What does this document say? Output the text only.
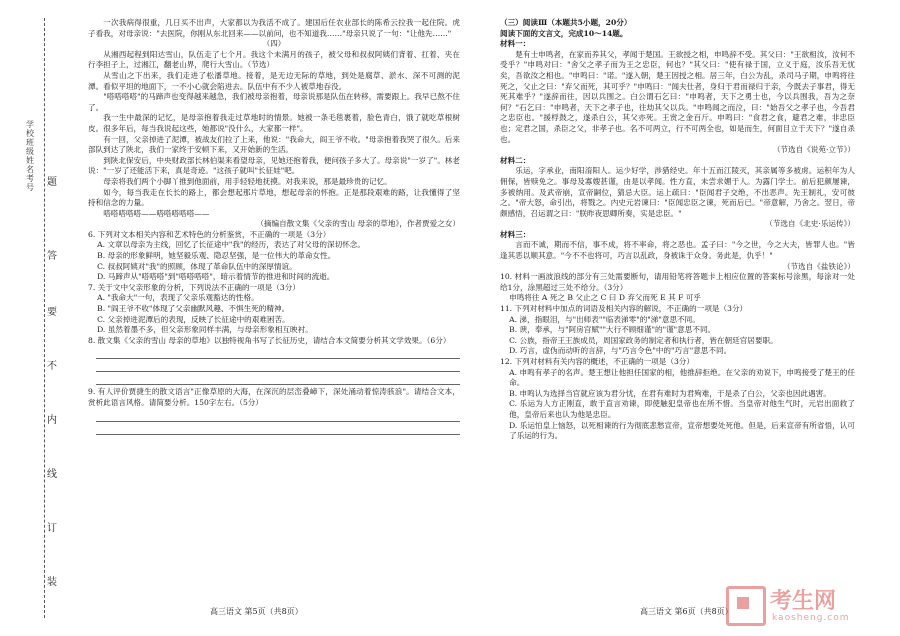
题
答
要
不
内
线
订
装
学校班级姓名考号

一次我病得很重，几日买不出声，大家都以为我活不成了。建国后任农业部长的陈希云拉我一起住院。虎子看我，对母亲说："去医院，你刚从东北回来——以前问，也不知道我……"母亲只说了一句："让他先……"

（四）

从湘西起程到阳达雪山，队伍走了七个月。我这个未满月的孩子，被父母和叔叔阿姨们背着、扛着、夹在行李担子上，过湘江，翻老山界，爬行大雪山。（节选）

从雪山之下出来，我们走进了松潘草地。接着，是无边无际的草地，到处是腐草、淤水、深不可测的泥潭。看似平坦的地面下，一不小心就会陷进去。队伍中有不少人被草地吞没。

"嗒嗒嗒嗒"的马蹄声也变得越来越急，我们被母亲抱着，母亲说那是队伍在转移，需要跟上。我早已熬不住了。

我一生中最深的记忆，是母亲抱着我走过草地时的情景。她被一条毛毯裹着，脸色青白，饿了就吃草根树皮。很多年后，每当我说起这些，她都说"没什么，大家都一样"。

有一回，父亲掉进了泥潭，被战友们拉了上来，他说："我命大，阎王爷不收。"母亲抱着我哭了很久。后来部队到达了陕北，我们一家终于安顿下来，又开始新的生活。

到陕北保安后，中央财政部长林伯渠来看望母亲，见她还抱着我，便问孩子多大了。母亲说"一岁了"。林老说："一岁了还能活下来，真是奇迹。"这孩子就叫"长征娃"吧。

母亲将我们两个小脚丫推到他面前，用手轻轻地抚摸。对我来说，那是最珍贵的记忆。

如今，每当我走在长长的路上，都会想起那片草地，想起母亲的怀抱。正是那段艰难的路，让我懂得了坚持和信念的力量。

嗒嗒嗒嗒嗒——嗒嗒嗒嗒嗒——

（摘编自散文集《父亲的雪山 母亲的草地》，作者贾爱之女）

6. 下列对文本相关内容和艺术特色的分析鉴赏，不正确的一项是（3分）

A. 文章以母亲为主线，回忆了长征途中"我"的经历，表达了对父母的深切怀念。

B. 母亲的形象鲜明，她坚毅乐观、隐忍坚强，是一位伟大的革命女性。

C. 叔叔阿姨对"我"的照顾，体现了革命队伍中的深厚情谊。

D. 马蹄声从"嗒嗒嗒"到"嗒嗒嗒嗒"，暗示着情节的推进和时间的流逝。

7. 关于文中父亲形象的分析，下列说法不正确的一项是（3分）

A. "我命大"一句，表现了父亲乐观豁达的性格。

B. "阎王爷不收"体现了父亲幽默风趣、不惧生死的精神。

C. 父亲掉进泥潭后的表现，反映了长征途中的艰难困苦。

D. 虽然着墨不多，但父亲形象同样丰满，与母亲形象相互映衬。

8. 散文集《父亲的雪山 母亲的草地》以独特视角书写了长征历史，请结合本文简要分析其文学效果。（6分）

9. 有人评价贾捷生的散文语言"正像草原的大海，在深沉的层峦叠嶂下，深处涌动着惊涛骇浪"。请结合文本，赏析此语言风格。请简要分析。150字左右。（5分）

高三语文 第5页（共8页）

（三）阅读Ⅲ（本题共5小题，20分）

阅读下面的文言文，完成10～14题。

材料一：

楚有士申鸣者，在家而养其父，孝闻于楚国。王欲授之相，申鸣辞不受。其父曰："王欲相汝，汝何不受乎？"申鸣对曰："舍父之孝子而为王之忠臣，何也？"其父曰："使有禄于国，立义于庭，汝乐吾无忧矣，吾欲汝之相也。"申鸣曰："诺。"遂入朝，楚王因授之相。居三年，白公为乱，杀司马子期，申鸣将往死之，父止之曰："弃父而死，其可乎？"申鸣曰："闻夫仕者，身归于君而禄归于亲，今既去子事君，得无死其难乎？"遂辞而往，因以兵围之。白公谓石乞曰："申鸣者，天下之勇士也，今以兵围我，吾为之奈何？"石乞曰："申鸣者，天下之孝子也，往劫其父以兵。"申鸣闻之而泣，曰："始吾父之孝子也，今吾君之忠臣也。"援桴鼓之，遂杀白公，其父亦死。王赏之金百斤。申鸣曰："食君之食，避君之难，非忠臣也；定君之国，杀臣之父，非孝子也。名不可两立，行不可两全也，如是而生，何面目立于天下？"遂自杀也。

（节选自《说苑·立节》）

材料二：

乐运，字承业，南阳淯阳人。运少好学，涉猎经史。年十五而江陵灭，其亲属等多被虏。运积年为人佣保，皆赎免之。事母及寡嫂甚谨，由是以孝闻。性方直，未尝求媚于人。为露门学士。前后犯颜屡谏，多被纳用。及武帝崩，宣帝嗣位，猜忌大臣。运上疏曰："臣闻君子交绝，不出恶声。先王制礼，安可彼之。"帝大怒，命引出，将戮之。内史元岩谏曰："臣闻忠臣之谏，死而后已。"帝意解，乃舍之。翌日，帝颇感悟，召运谓之曰："朕昨夜思卿所奏，实是忠臣。"

（节选自《北史·乐运传》）

材料三：

言而不诚，期而不信，事不成，将不率命，将之恶也。孟子曰："今之世，今之大夫，皆罪人也。"皆逢其恶以顺其意。"今不不也将可，巧言以乱政，身被诛于众身。务此是，仇乎！"

（节选自《盐铁论》）

10. 材料一画波浪线的部分有三处需要断句，请用铅笔将答题卡上相应位置的答案标号涂黑，每涂对一处给1分，涂黑超过三处不给分。（3分）

申鸣将往 A 死之 B 父止之 C 曰 D 弃父而死 E 其 F 可乎

11. 下列对材料中加点的词语及相关内容的解说，不正确的一项是（3分）

A. 涕，指眼泪，与"出师表""临表涕零"的"涕"意思不同。

B. 谀，奉承，与"阿房宫赋""大行不顾细谨"的"谨"意思不同。

C. 公族，指帝王王族成员，周国家政务的制定者和执行者，皆在朝廷官居要职。

D. 巧言，虚伪而动听的言辞，与"巧言令色"中的"巧言"意思不同。

12. 下列对材料有关内容的概述，不正确的一项是（3分）

A. 申鸣有孝子的名声。楚王想让他担任国家的相，他推辞拒绝。在父亲的劝说下，申鸣接受了楚王的任命。

B. 申鸣认为选择当官就应该为君分忧，在君有难时为君殉难，于是杀了白公，父亲也因此遇害。

C. 乐运为人方正刚直，敢于直言劝谏，即使触犯皇帝也在所不惜。当皇帝对他生气时，元岩出面救了他，皇帝后来也认为他是忠臣。

D. 乐运怕皇上恼怒，以死相谏的行为彻底悲愁宣帝，宣帝想要处死他。但是，后来宣帝有所省悟，认可了乐运的行为。

高三语文 第6页（共8页） 考生网
kaosheng.com
